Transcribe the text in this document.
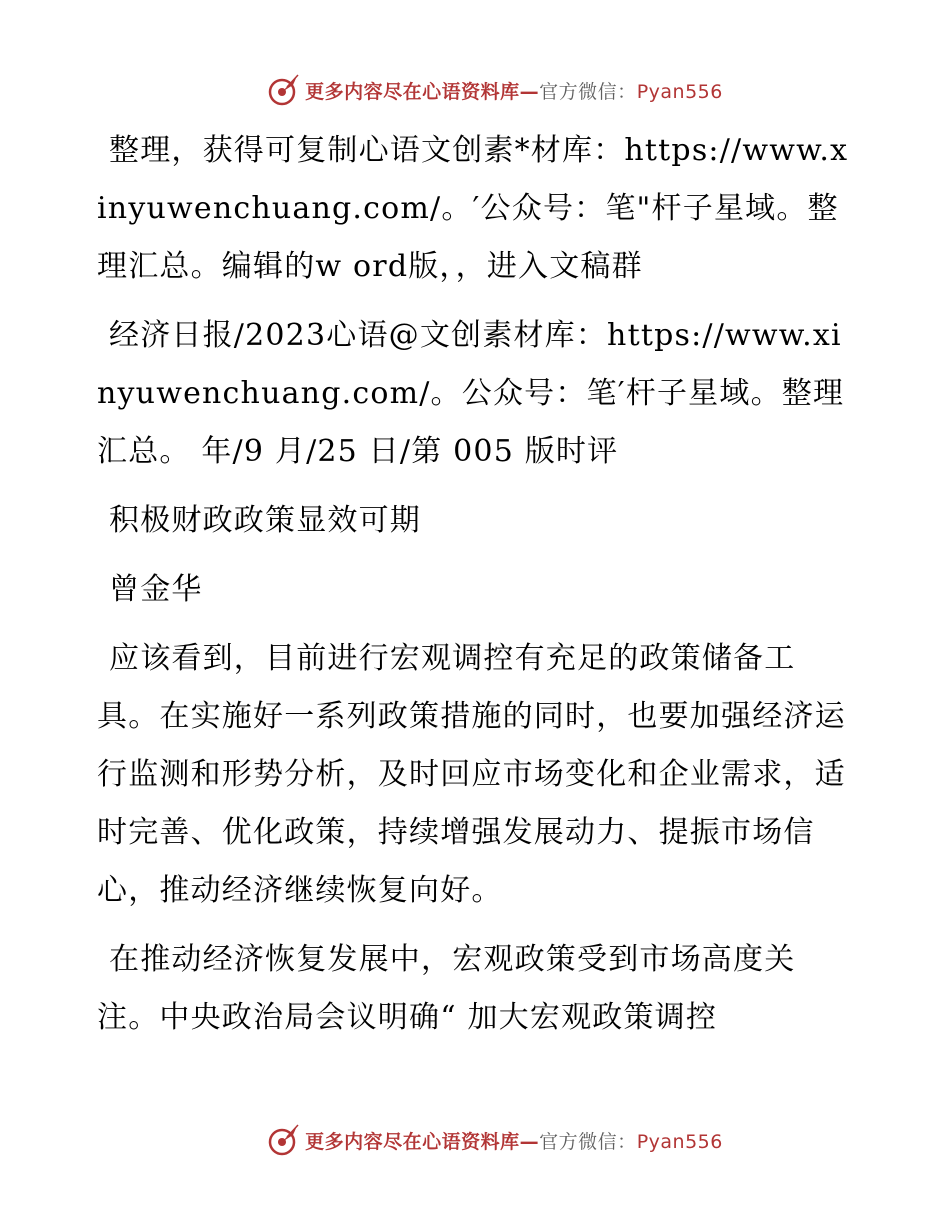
更多内容尽在心语资料库—官方微信：Pyan556

整理，获得可复制心语文创素*材库：https://www.xinyuwenchuang.com/。′公众号：笔"杆子星域。整理汇总。编辑的w ord版，，进入文稿群

经济日报/2023心语@文创素材库：https://www.xinyuwenchuang.com/。公众号：笔′杆子星域。整理汇总。 年/9 月/25 日/第 005 版时评

积极财政政策显效可期

曾金华

应该看到，目前进行宏观调控有充足的政策储备工具。在实施好一系列政策措施的同时，也要加强经济运行监测和形势分析，及时回应市场变化和企业需求，适时完善、优化政策，持续增强发展动力、提振市场信心，推动经济继续恢复向好。

在推动经济恢复发展中，宏观政策受到市场高度关注。中央政治局会议明确“ 加大宏观政策调控

更多内容尽在心语资料库—官方微信：Pyan556
